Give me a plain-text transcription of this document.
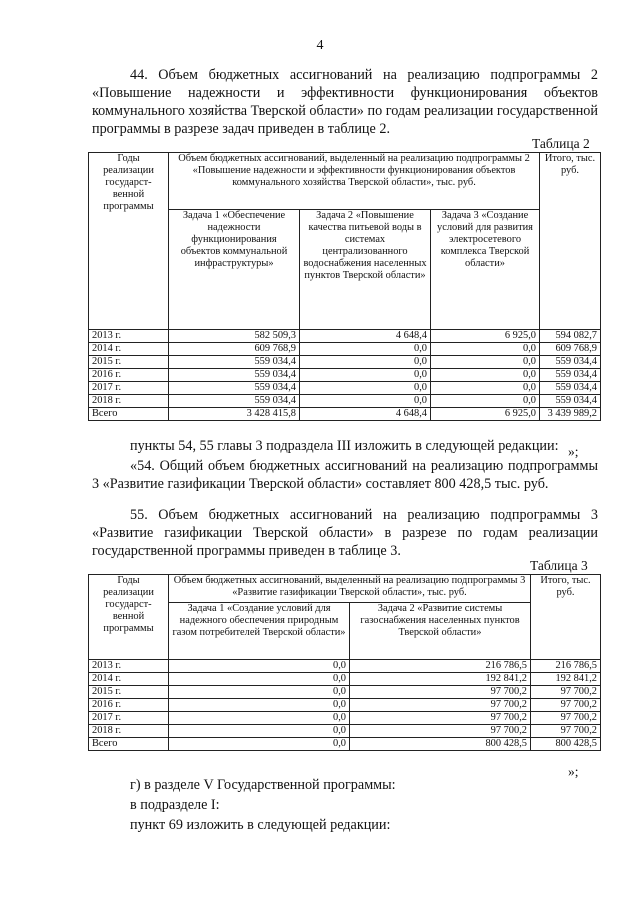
4

44. Объем бюджетных ассигнований на реализацию подпрограммы 2 «Повышение надежности и эффективности функционирования объектов коммунального хозяйства Тверской области» по годам реализации государственной программы в разрезе задач приведен в таблице 2.

Таблица 2
Годы реализации государст-венной программы	Объем бюджетных ассигнований, выделенный на реализацию подпрограммы 2 «Повышение надежности и эффективности функционирования объектов коммунального хозяйства Тверской области», тыс. руб.			Итого, тыс. руб.
	Задача 1 «Обеспечение надежности функционирования объектов коммунальной инфраструктуры»	Задача 2 «Повышение качества питьевой воды в системах централизованного водоснабжения населенных пунктов Тверской области»	Задача 3 «Создание условий для развития электросетевого комплекса Тверской области»	
2013 г.	582 509,3	4 648,4	6 925,0	594 082,7
2014 г.	609 768,9	0,0	0,0	609 768,9
2015 г.	559 034,4	0,0	0,0	559 034,4
2016 г.	559 034,4	0,0	0,0	559 034,4
2017 г.	559 034,4	0,0	0,0	559 034,4
2018 г.	559 034,4	0,0	0,0	559 034,4
Всего	3 428 415,8	4 648,4	6 925,0	3 439 989,2
»;
пункты 54, 55 главы 3 подраздела III изложить в следующей редакции:

«54. Общий объем бюджетных ассигнований на реализацию подпрограммы 3 «Развитие газификации Тверской области» составляет 800 428,5 тыс. руб.

55. Объем бюджетных ассигнований на реализацию подпрограммы 3 «Развитие газификации Тверской области» в разрезе по годам реализации государственной программы приведен в таблице 3.

Таблица 3
Годы реализации государст-венной программы	Объем бюджетных ассигнований, выделенный на реализацию подпрограммы 3 «Развитие газификации Тверской области», тыс. руб.		Итого, тыс. руб.
	Задача 1 «Создание условий для надежного обеспечения природным газом потребителей Тверской области»	Задача 2 «Развитие системы газоснабжения населенных пунктов Тверской области»	
2013 г.	0,0	216 786,5	216 786,5
2014 г.	0,0	192 841,2	192 841,2
2015 г.	0,0	97 700,2	97 700,2
2016 г.	0,0	97 700,2	97 700,2
2017 г.	0,0	97 700,2	97 700,2
2018 г.	0,0	97 700,2	97 700,2
Всего	0,0	800 428,5	800 428,5
»;
г) в разделе V Государственной программы:
в подразделе I:
пункт 69 изложить в следующей редакции:
